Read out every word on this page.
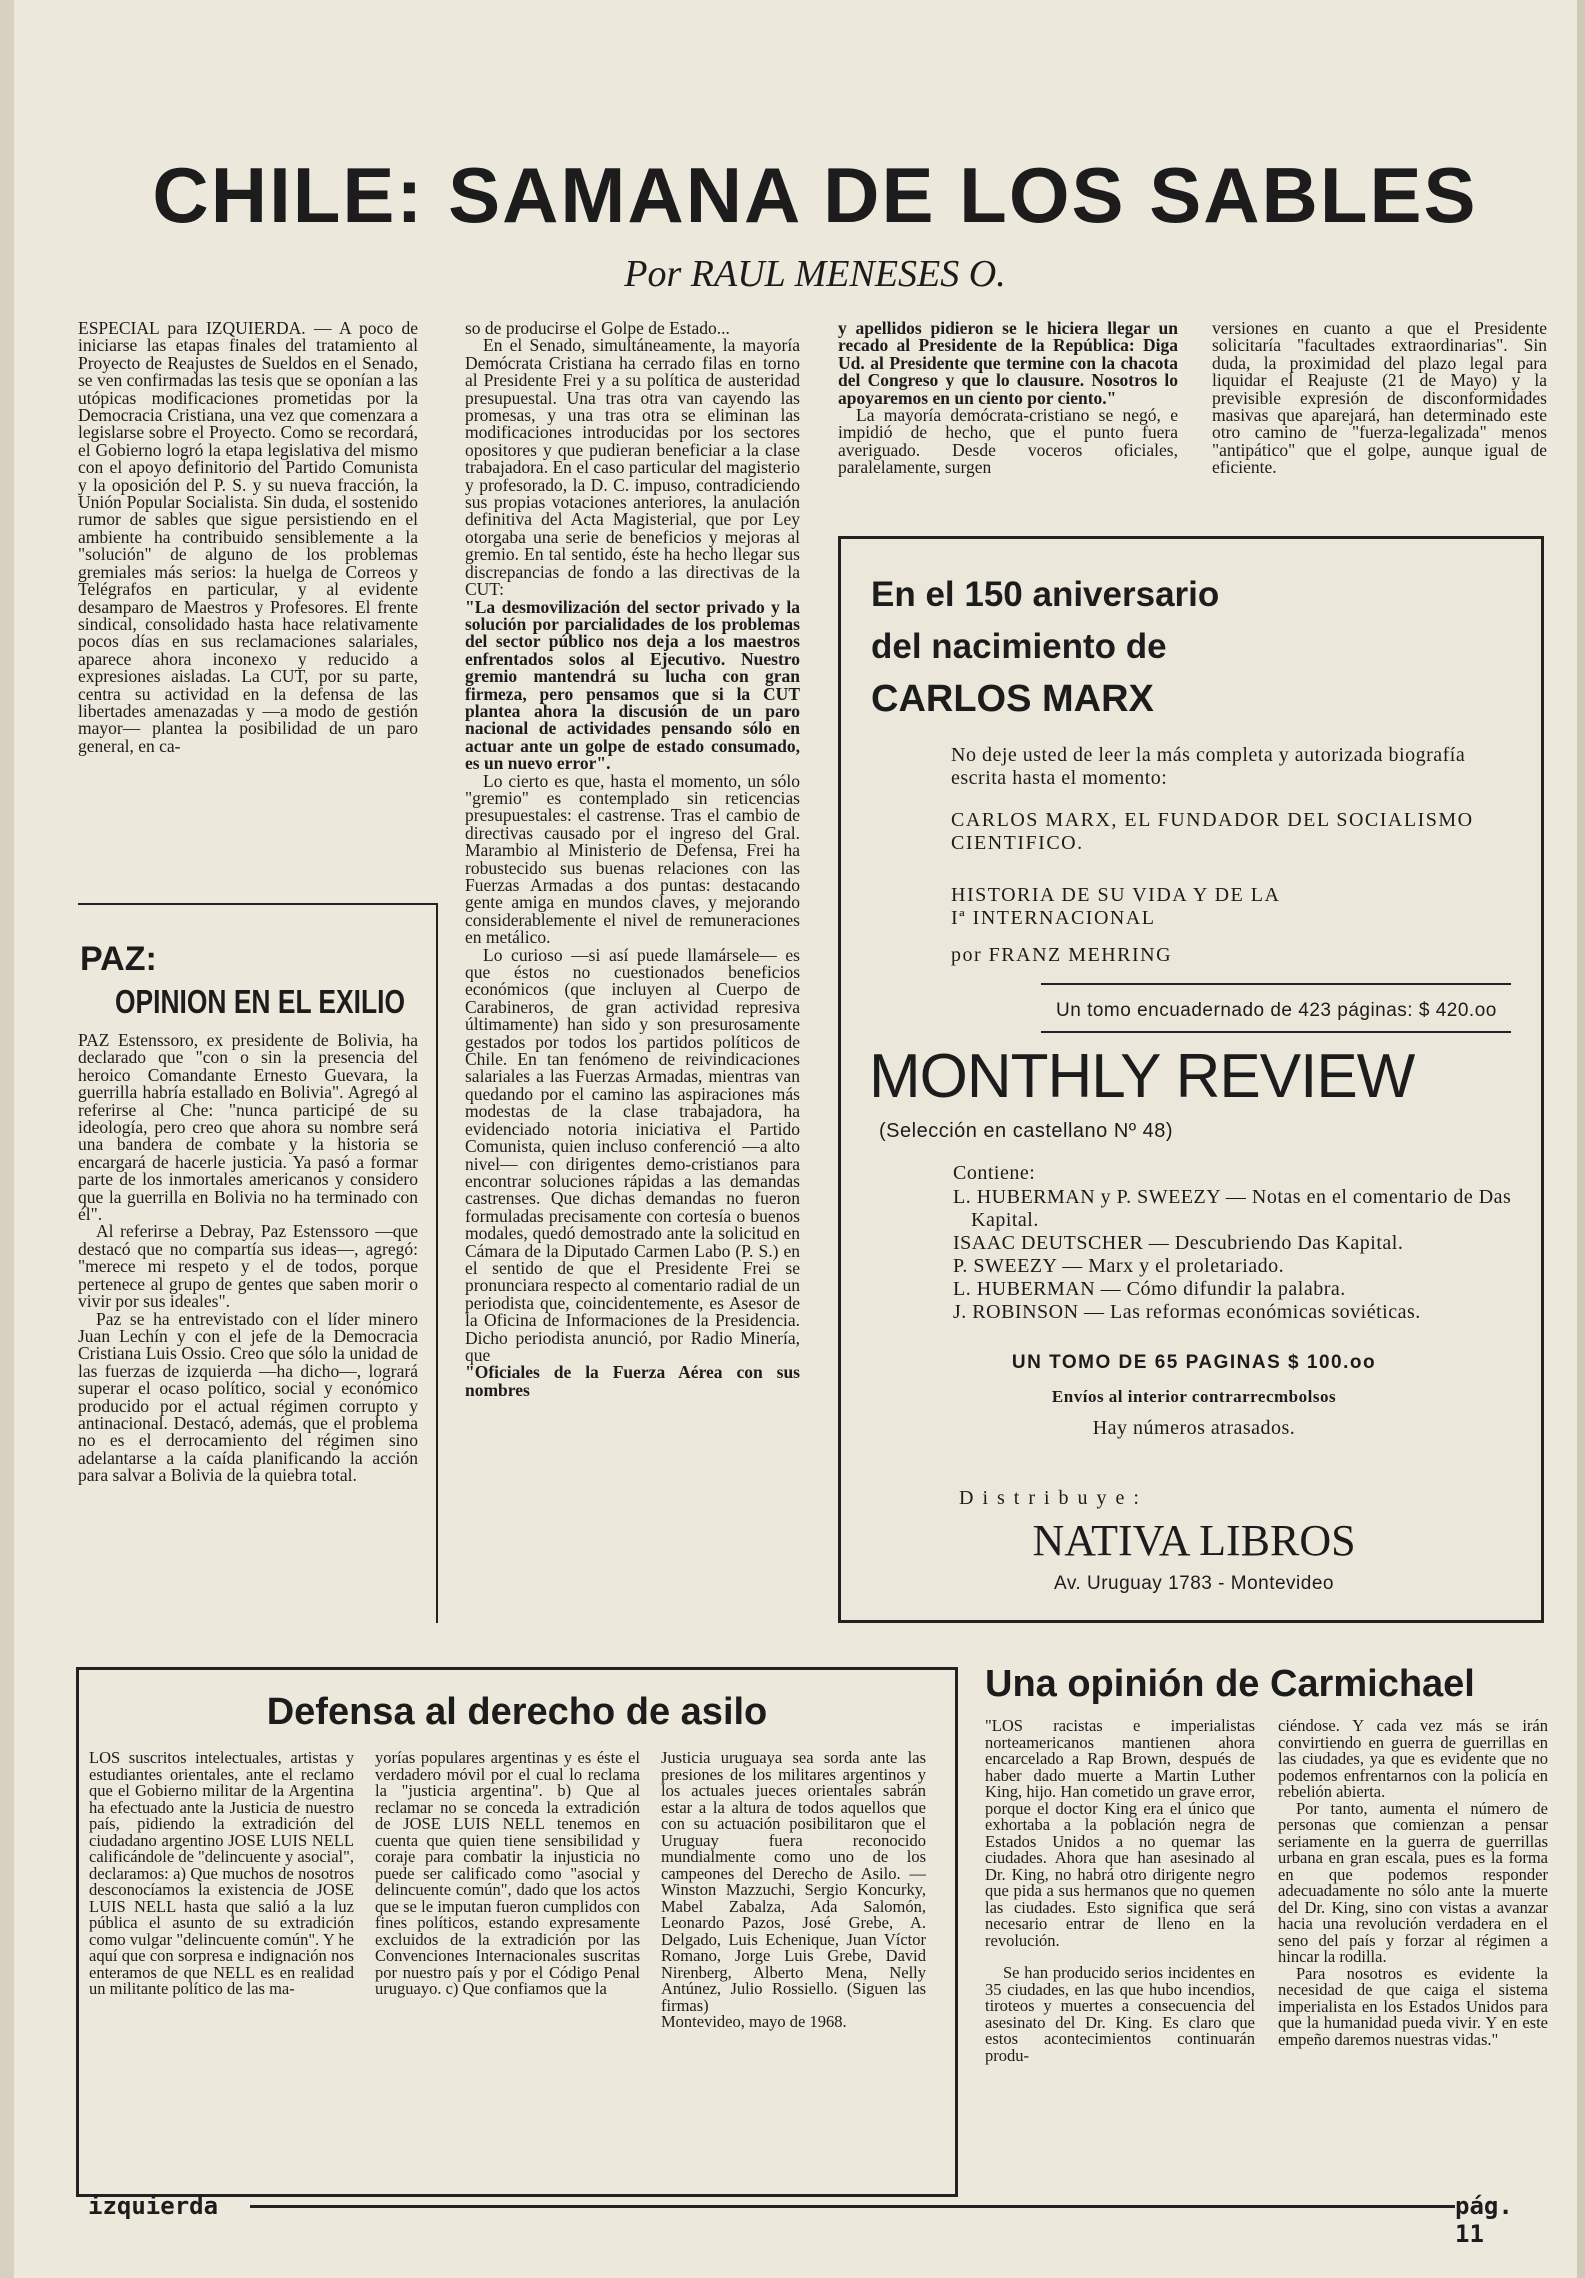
CHILE: SAMANA DE LOS SABLES
Por RAUL MENESES O.

ESPECIAL para IZQUIERDA. — A poco de iniciarse las etapas finales del tratamiento al Proyecto de Reajustes de Sueldos en el Senado, se ven confirmadas las tesis que se oponían a las utópicas modificaciones prometidas por la Democracia Cristiana, una vez que comenzara a legislarse sobre el Proyecto. Como se recordará, el Gobierno logró la etapa legislativa del mismo con el apoyo definitorio del Partido Comunista y la oposición del P. S. y su nueva fracción, la Unión Popular Socialista. Sin duda, el sostenido rumor de sables que sigue persistiendo en el ambiente ha contribuido sensiblemente a la "solución" de alguno de los problemas gremiales más serios: la huelga de Correos y Telégrafos en particular, y al evidente desamparo de Maestros y Profesores. El frente sindical, consolidado hasta hace relativamente pocos días en sus reclamaciones salariales, aparece ahora inconexo y reducido a expresiones aisladas. La CUT, por su parte, centra su actividad en la defensa de las libertades amenazadas y —a modo de gestión mayor— plantea la posibilidad de un paro general, en ca-

so de producirse el Golpe de Estado...

En el Senado, simultáneamente, la mayoría Demócrata Cristiana ha cerrado filas en torno al Presidente Frei y a su política de austeridad presupuestal. Una tras otra van cayendo las promesas, y una tras otra se eliminan las modificaciones introducidas por los sectores opositores y que pudieran beneficiar a la clase trabajadora. En el caso particular del magisterio y profesorado, la D. C. impuso, contradiciendo sus propias votaciones anteriores, la anulación definitiva del Acta Magisterial, que por Ley otorgaba una serie de beneficios y mejoras al gremio. En tal sentido, éste ha hecho llegar sus discrepancias de fondo a las directivas de la CUT:

"La desmovilización del sector privado y la solución por parcialidades de los problemas del sector público nos deja a los maestros enfrentados solos al Ejecutivo. Nuestro gremio mantendrá su lucha con gran firmeza, pero pensamos que si la CUT plantea ahora la discusión de un paro nacional de actividades pensando sólo en actuar ante un golpe de estado consumado, es un nuevo error".

Lo cierto es que, hasta el momento, un sólo "gremio" es contemplado sin reticencias presupuestales: el castrense. Tras el cambio de directivas causado por el ingreso del Gral. Marambio al Ministerio de Defensa, Frei ha robustecido sus buenas relaciones con las Fuerzas Armadas a dos puntas: destacando gente amiga en mundos claves, y mejorando considerablemente el nivel de remuneraciones en metálico.

Lo curioso —si así puede llamársele— es que éstos no cuestionados beneficios económicos (que incluyen al Cuerpo de Carabineros, de gran actividad represiva últimamente) han sido y son presurosamente gestados por todos los partidos políticos de Chile. En tan fenómeno de reivindicaciones salariales a las Fuerzas Armadas, mientras van quedando por el camino las aspiraciones más modestas de la clase trabajadora, ha evidenciado notoria iniciativa el Partido Comunista, quien incluso conferenció —a alto nivel— con dirigentes demo-cristianos para encontrar soluciones rápidas a las demandas castrenses. Que dichas demandas no fueron formuladas precisamente con cortesía o buenos modales, quedó demostrado ante la solicitud en Cámara de la Diputado Carmen Labo (P. S.) en el sentido de que el Presidente Frei se pronunciara respecto al comentario radial de un periodista que, coincidentemente, es Asesor de la Oficina de Informaciones de la Presidencia. Dicho periodista anunció, por Radio Minería, que

"Oficiales de la Fuerza Aérea con sus nombres

y apellidos pidieron se le hiciera llegar un recado al Presidente de la República: Diga Ud. al Presidente que termine con la chacota del Congreso y que lo clausure. Nosotros lo apoyaremos en un ciento por ciento."

La mayoría demócrata-cristiano se negó, e impidió de hecho, que el punto fuera averiguado. Desde voceros oficiales, paralelamente, surgen

versiones en cuanto a que el Presidente solicitaría "facultades extraordinarias". Sin duda, la proximidad del plazo legal para liquidar el Reajuste (21 de Mayo) y la previsible expresión de disconformidades masivas que aparejará, han determinado este otro camino de "fuerza-legalizada" menos "antipático" que el golpe, aunque igual de eficiente.

PAZ:
OPINION EN EL EXILIO

PAZ Estenssoro, ex presidente de Bolivia, ha declarado que "con o sin la presencia del heroico Comandante Ernesto Guevara, la guerrilla habría estallado en Bolivia". Agregó al referirse al Che: "nunca participé de su ideología, pero creo que ahora su nombre será una bandera de combate y la historia se encargará de hacerle justicia. Ya pasó a formar parte de los inmortales americanos y considero que la guerrilla en Bolivia no ha terminado con él".

Al referirse a Debray, Paz Estenssoro —que destacó que no compartía sus ideas—, agregó: "merece mi respeto y el de todos, porque pertenece al grupo de gentes que saben morir o vivir por sus ideales".

Paz se ha entrevistado con el líder minero Juan Lechín y con el jefe de la Democracia Cristiana Luis Ossio. Creo que sólo la unidad de las fuerzas de izquierda —ha dicho—, logrará superar el ocaso político, social y económico producido por el actual régimen corrupto y antinacional. Destacó, además, que el problema no es el derrocamiento del régimen sino adelantarse a la caída planificando la acción para salvar a Bolivia de la quiebra total.

En el 150 aniversario
del nacimiento de
CARLOS MARX
No deje usted de leer la más completa y autorizada biografía escrita hasta el momento:
CARLOS MARX, EL FUNDADOR DEL SOCIALISMO CIENTIFICO.
HISTORIA DE SU VIDA Y DE LA Iª INTERNACIONAL
por FRANZ MEHRING
Un tomo encuadernado de 423 páginas: $ 420.oo
MONTHLY REVIEW
(Selección en castellano Nº 48)
Contiene:
L. HUBERMAN y P. SWEEZY — Notas en el comentario de Das Kapital.
ISAAC DEUTSCHER — Descubriendo Das Kapital.
P. SWEEZY — Marx y el proletariado.
L. HUBERMAN — Cómo difundir la palabra.
J. ROBINSON — Las reformas económicas soviéticas.
UN TOMO DE 65 PAGINAS $ 100.oo
Envíos al interior contrarrecmbolsos
Hay números atrasados.
Distribuye:
NATIVA LIBROS
Av. Uruguay 1783 - Montevideo
Defensa al derecho de asilo
LOS suscritos intelectuales, artistas y estudiantes orientales, ante el reclamo que el Gobierno militar de la Argentina ha efectuado ante la Justicia de nuestro país, pidiendo la extradición del ciudadano argentino JOSE LUIS NELL calificándole de "delincuente y asocial", declaramos: a) Que muchos de nosotros desconocíamos la existencia de JOSE LUIS NELL hasta que salió a la luz pública el asunto de su extradición como vulgar "delincuente común". Y he aquí que con sorpresa e indignación nos enteramos de que NELL es en realidad un militante político de las ma-
yorías populares argentinas y es éste el verdadero móvil por el cual lo reclama la "justicia argentina". b) Que al reclamar no se conceda la extradición de JOSE LUIS NELL tenemos en cuenta que quien tiene sensibilidad y coraje para combatir la injusticia no puede ser calificado como "asocial y delincuente común", dado que los actos que se le imputan fueron cumplidos con fines políticos, estando expresamente excluidos de la extradición por las Convenciones Internacionales suscritas por nuestro país y por el Código Penal uruguayo. c) Que confiamos que la
Justicia uruguaya sea sorda ante las presiones de los militares argentinos y los actuales jueces orientales sabrán estar a la altura de todos aquellos que con su actuación posibilitaron que el Uruguay fuera reconocido mundialmente como uno de los campeones del Derecho de Asilo. — Winston Mazzuchi, Sergio Koncurky, Mabel Zabalza, Ada Salomón, Leonardo Pazos, José Grebe, A. Delgado, Luis Echenique, Juan Víctor Romano, Jorge Luis Grebe, David Nirenberg, Alberto Mena, Nelly Antúnez, Julio Rossiello. (Siguen las firmas)
Montevideo, mayo de 1968.
Una opinión de Carmichael

"LOS racistas e imperialistas norteamericanos mantienen ahora encarcelado a Rap Brown, después de haber dado muerte a Martin Luther King, hijo. Han cometido un grave error, porque el doctor King era el único que exhortaba a la población negra de Estados Unidos a no quemar las ciudades. Ahora que han asesinado al Dr. King, no habrá otro dirigente negro que pida a sus hermanos que no quemen las ciudades. Esto significa que será necesario entrar de lleno en la revolución.

Se han producido serios incidentes en 35 ciudades, en las que hubo incendios, tiroteos y muertes a consecuencia del asesinato del Dr. King. Es claro que estos acontecimientos continuarán produ-

ciéndose. Y cada vez más se irán convirtiendo en guerra de guerrillas en las ciudades, ya que es evidente que no podemos enfrentarnos con la policía en rebelión abierta.

Por tanto, aumenta el número de personas que comienzan a pensar seriamente en la guerra de guerrillas urbana en gran escala, pues es la forma en que podemos responder adecuadamente no sólo ante la muerte del Dr. King, sino con vistas a avanzar hacia una revolución verdadera en el seno del país y forzar al régimen a hincar la rodilla.

Para nosotros es evidente la necesidad de que caiga el sistema imperialista en los Estados Unidos para que la humanidad pueda vivir. Y en este empeño daremos nuestras vidas."

izquierda	pág. 11
